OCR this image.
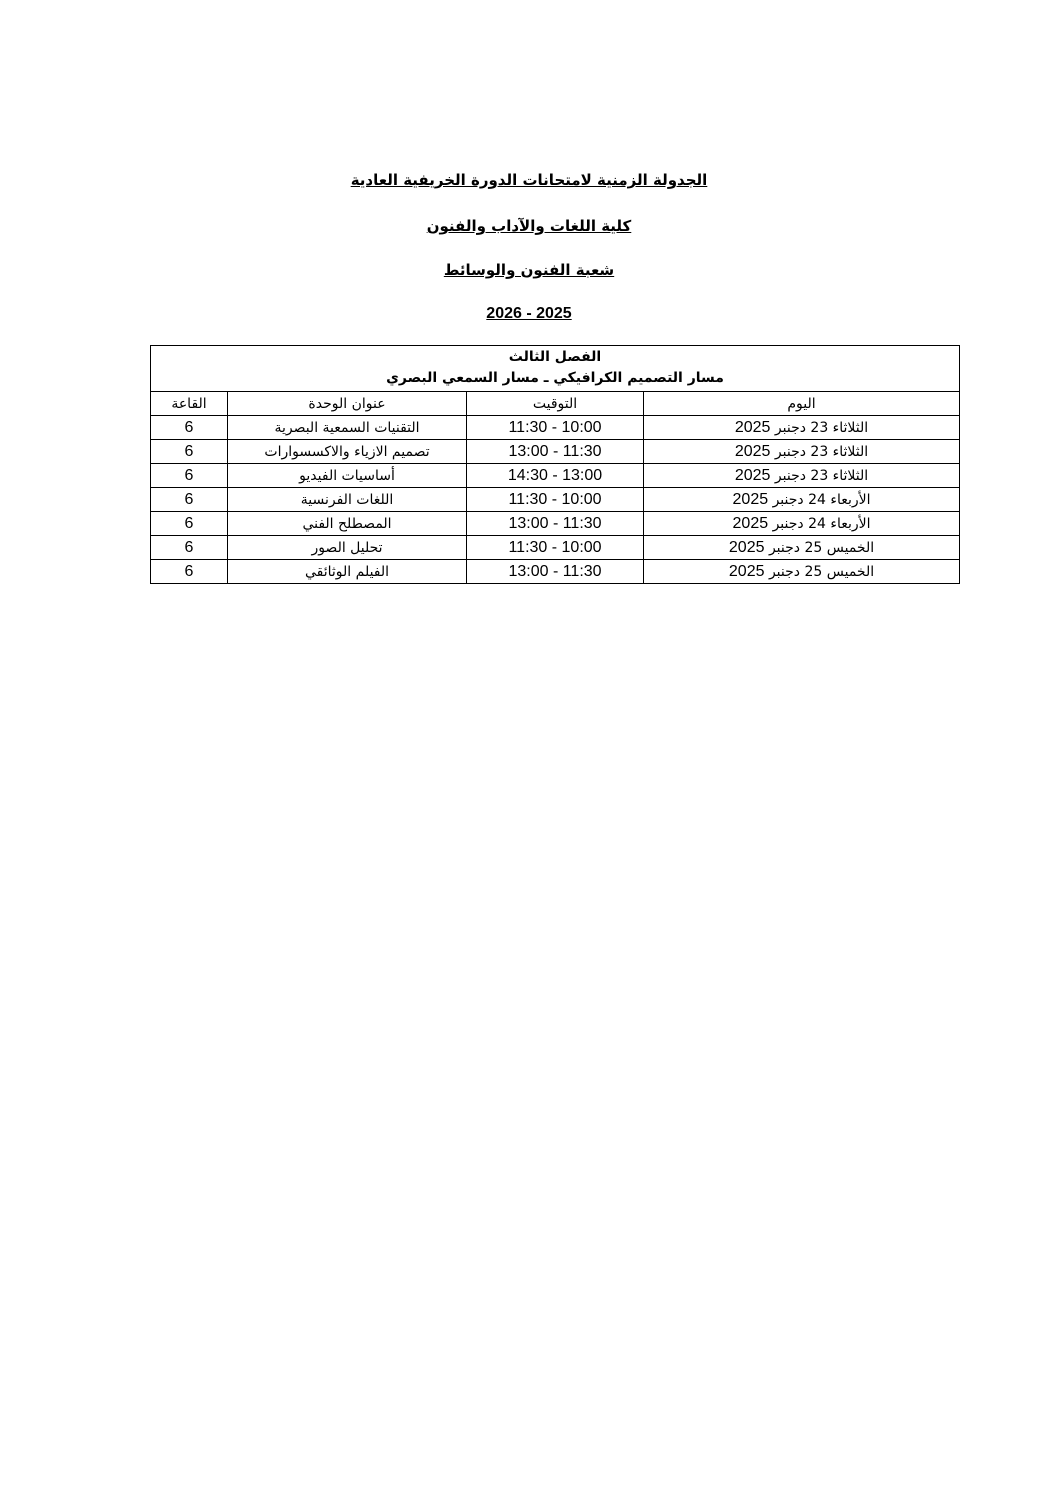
الجدولة الزمنية لامتحانات الدورة الخريفية العادية
كلية اللغات والآداب والفنون
شعبة الفنون والوسائط
2026 - 2025
الفصل الثالث
مسار التصميم الكرافيكي ـ مسار السمعي البصري			

اليوم	التوقيت	عنوان الوحدة	القاعة
الثلاثاء 23 دجنبر 2025	11:30 - 10:00	التقنيات السمعية البصرية	6
الثلاثاء 23 دجنبر 2025	13:00 - 11:30	تصميم الازياء والاكسسوارات	6
الثلاثاء 23 دجنبر 2025	14:30 - 13:00	أساسيات الفيديو	6
الأربعاء 24 دجنبر 2025	11:30 - 10:00	اللغات الفرنسية	6
الأربعاء 24 دجنبر 2025	13:00 - 11:30	المصطلح الفني	6
الخميس 25 دجنبر 2025	11:30 - 10:00	تحليل الصور	6
الخميس 25 دجنبر 2025	13:00 - 11:30	الفيلم الوثائقي	6
